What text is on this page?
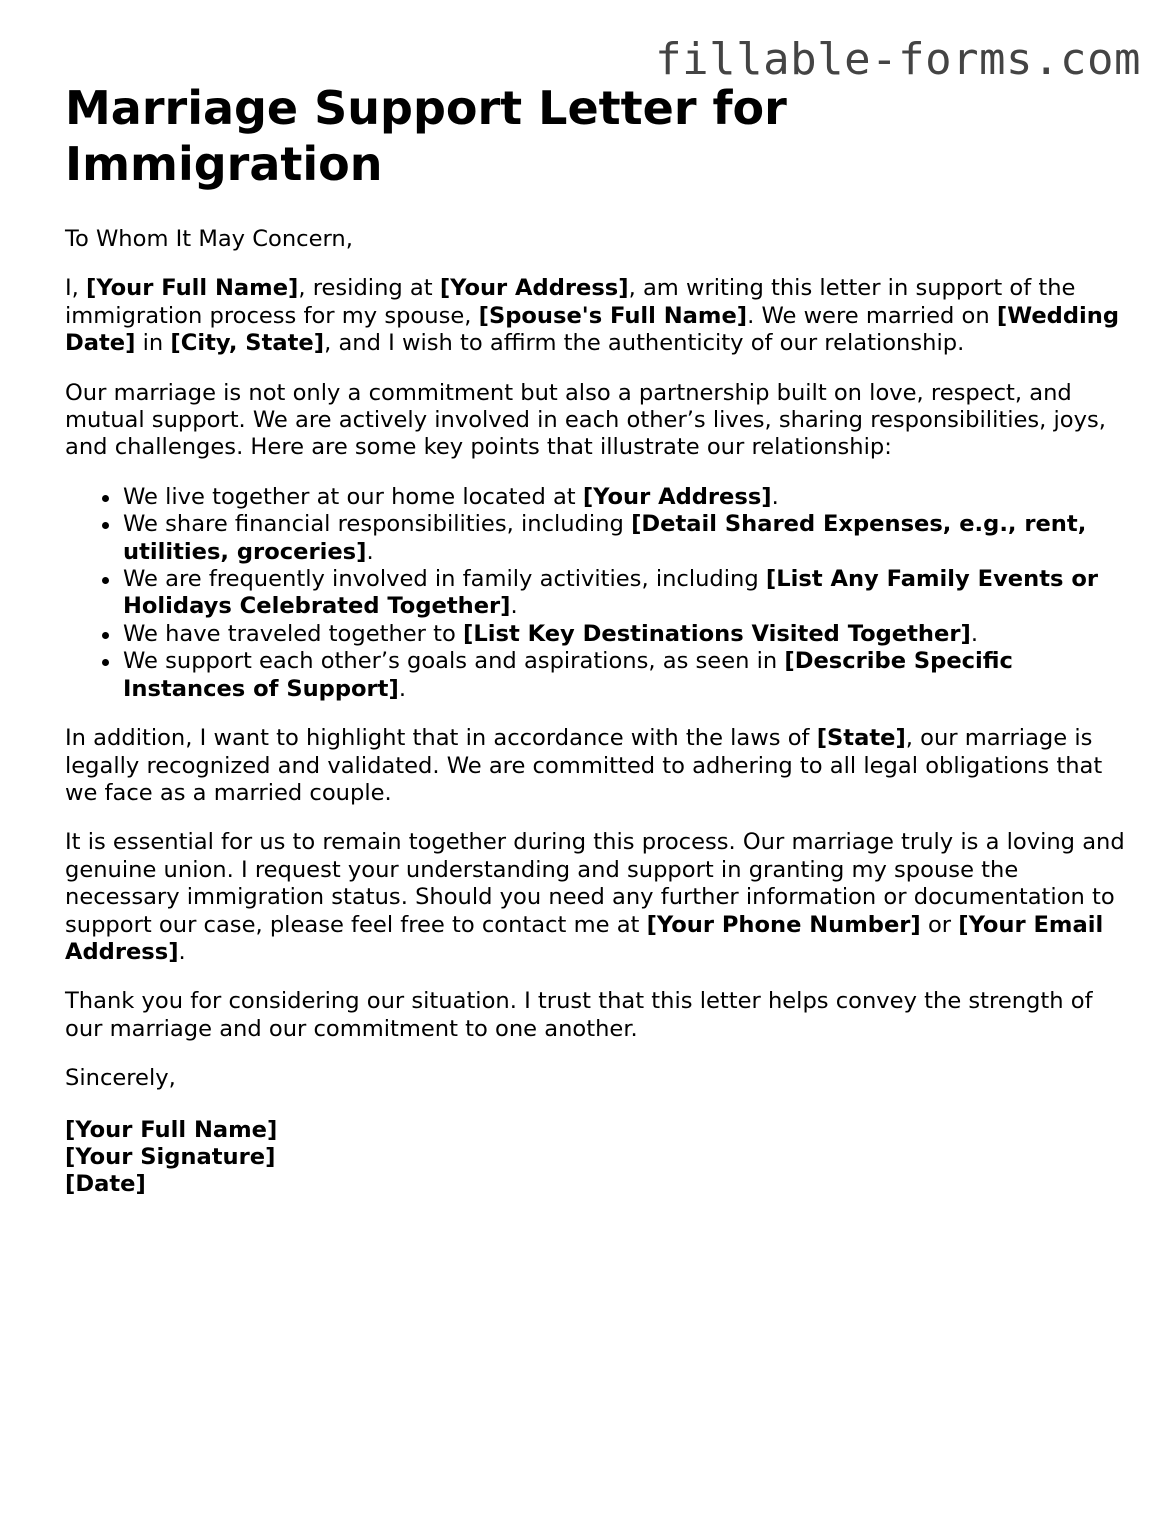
fillable-forms.com
Marriage Support Letter for Immigration

To Whom It May Concern,

I, [Your Full Name], residing at [Your Address], am writing this letter in support of the immigration process for my spouse, [Spouse's Full Name]. We were married on [Wedding Date] in [City, State], and I wish to affirm the authenticity of our relationship.

Our marriage is not only a commitment but also a partnership built on love, respect, and mutual support. We are actively involved in each other’s lives, sharing responsibilities, joys, and challenges. Here are some key points that illustrate our relationship:

We live together at our home located at [Your Address].
We share financial responsibilities, including [Detail Shared Expenses, e.g., rent, utilities, groceries].
We are frequently involved in family activities, including [List Any Family Events or Holidays Celebrated Together].
We have traveled together to [List Key Destinations Visited Together].
We support each other’s goals and aspirations, as seen in [Describe Specific Instances of Support].

In addition, I want to highlight that in accordance with the laws of [State], our marriage is legally recognized and validated. We are committed to adhering to all legal obligations that we face as a married couple.

It is essential for us to remain together during this process. Our marriage truly is a loving and genuine union. I request your understanding and support in granting my spouse the necessary immigration status. Should you need any further information or documentation to support our case, please feel free to contact me at [Your Phone Number] or [Your Email Address].

Thank you for considering our situation. I trust that this letter helps convey the strength of our marriage and our commitment to one another.

Sincerely,

[Your Full Name]
[Your Signature]
[Date]
